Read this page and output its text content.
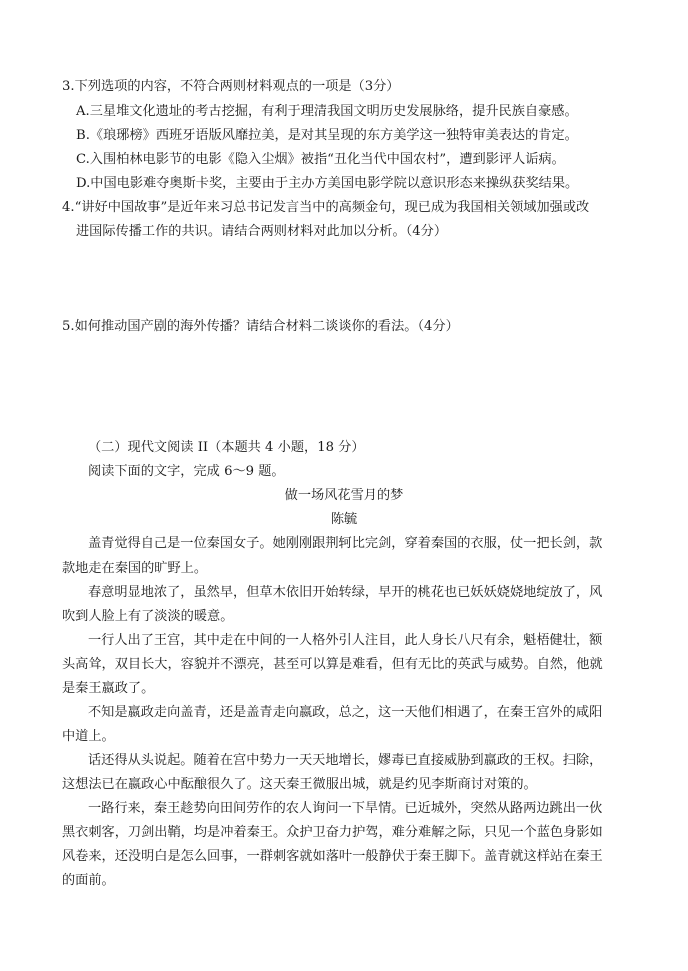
3.下列选项的内容，不符合两则材料观点的一项是（3分）
A.三星堆文化遗址的考古挖掘，有利于理清我国文明历史发展脉络，提升民族自豪感。
B.《琅琊榜》西班牙语版风靡拉美，是对其呈现的东方美学这一独特审美表达的肯定。
C.入围柏林电影节的电影《隐入尘烟》被指“丑化当代中国农村”，遭到影评人诟病。
D.中国电影难夺奥斯卡奖，主要由于主办方美国电影学院以意识形态来操纵获奖结果。
4.“讲好中国故事”是近年来习总书记发言当中的高频金句，现已成为我国相关领域加强或改
进国际传播工作的共识。请结合两则材料对此加以分析。（4分）
5.如何推动国产剧的海外传播？请结合材料二谈谈你的看法。（4分）
（二）现代文阅读 II（本题共 4 小题，18 分）
阅读下面的文字，完成 6～9 题。
做一场风花雪月的梦
陈毓
盖青觉得自己是一位秦国女子。她刚刚跟荆轲比完剑，穿着秦国的衣服，仗一把长剑，款
款地走在秦国的旷野上。
春意明显地浓了，虽然早，但草木依旧开始转绿，早开的桃花也已妖妖娆娆地绽放了，风
吹到人脸上有了淡淡的暖意。
一行人出了王宫，其中走在中间的一人格外引人注目，此人身长八尺有余，魁梧健壮，额
头高耸，双目长大，容貌并不漂亮，甚至可以算是难看，但有无比的英武与威势。自然，他就
是秦王嬴政了。
不知是嬴政走向盖青，还是盖青走向嬴政，总之，这一天他们相遇了，在秦王宫外的咸阳
中道上。
话还得从头说起。随着在宫中势力一天天地增长，嫪毒已直接威胁到嬴政的王权。扫除，
这想法已在嬴政心中酝酿很久了。这天秦王微服出城，就是约见李斯商讨对策的。
一路行来，秦王趁势向田间劳作的农人询问一下旱情。已近城外，突然从路两边跳出一伙
黑衣刺客，刀剑出鞘，均是冲着秦王。众护卫奋力护驾，难分难解之际，只见一个蓝色身影如
风卷来，还没明白是怎么回事，一群刺客就如落叶一般静伏于秦王脚下。盖青就这样站在秦王
的面前。
